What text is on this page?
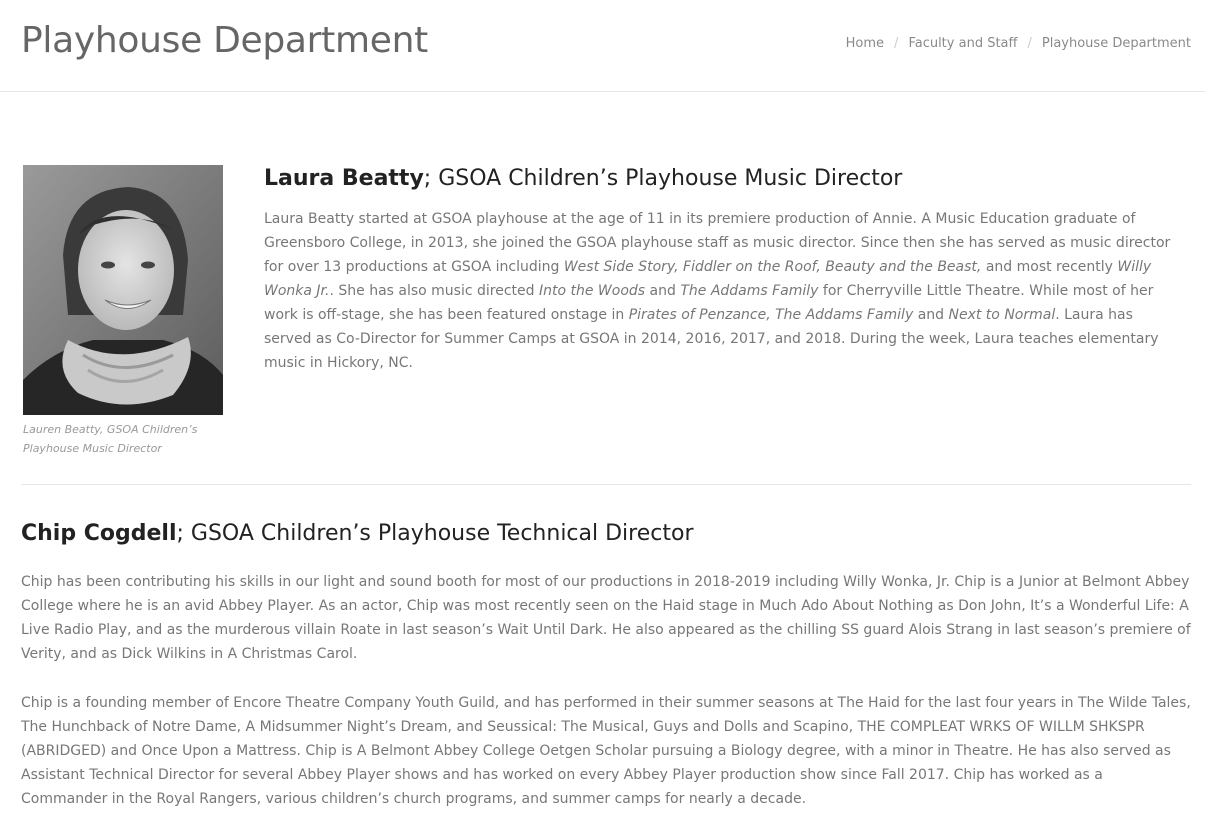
Playhouse Department	Home / Faculty and Staff / Playhouse Department
Lauren Beatty, GSOA Children’s Playhouse Music Director
Laura Beatty; GSOA Children’s Playhouse Music Director

Laura Beatty started at GSOA playhouse at the age of 11 in its premiere production of Annie. A Music Education graduate of Greensboro College, in 2013, she joined the GSOA playhouse staff as music director. Since then she has served as music director for over 13 productions at GSOA including West Side Story, Fiddler on the Roof, Beauty and the Beast, and most recently Willy Wonka Jr.. She has also music directed Into the Woods and The Addams Family for Cherryville Little Theatre. While most of her work is off-stage, she has been featured onstage in Pirates of Penzance, The Addams Family and Next to Normal. Laura has served as Co-Director for Summer Camps at GSOA in 2014, 2016, 2017, and 2018. During the week, Laura teaches elementary music in Hickory, NC.

Chip Cogdell; GSOA Children’s Playhouse Technical Director

Chip has been contributing his skills in our light and sound booth for most of our productions in 2018-2019 including Willy Wonka, Jr. Chip is a Junior at Belmont Abbey College where he is an avid Abbey Player. As an actor, Chip was most recently seen on the Haid stage in Much Ado About Nothing as Don John, It’s a Wonderful Life: A Live Radio Play, and as the murderous villain Roate in last season’s Wait Until Dark. He also appeared as the chilling SS guard Alois Strang in last season’s premiere of Verity, and as Dick Wilkins in A Christmas Carol.

Chip is a founding member of Encore Theatre Company Youth Guild, and has performed in their summer seasons at The Haid for the last four years in The Wilde Tales, The Hunchback of Notre Dame, A Midsummer Night’s Dream, and Seussical: The Musical, Guys and Dolls and Scapino, THE COMPLEAT WRKS OF WILLM SHKSPR (ABRIDGED) and Once Upon a Mattress. Chip is A Belmont Abbey College Oetgen Scholar pursuing a Biology degree, with a minor in Theatre. He has also served as Assistant Technical Director for several Abbey Player shows and has worked on every Abbey Player production show since Fall 2017. Chip has worked as a Commander in the Royal Rangers, various children’s church programs, and summer camps for nearly a decade.
